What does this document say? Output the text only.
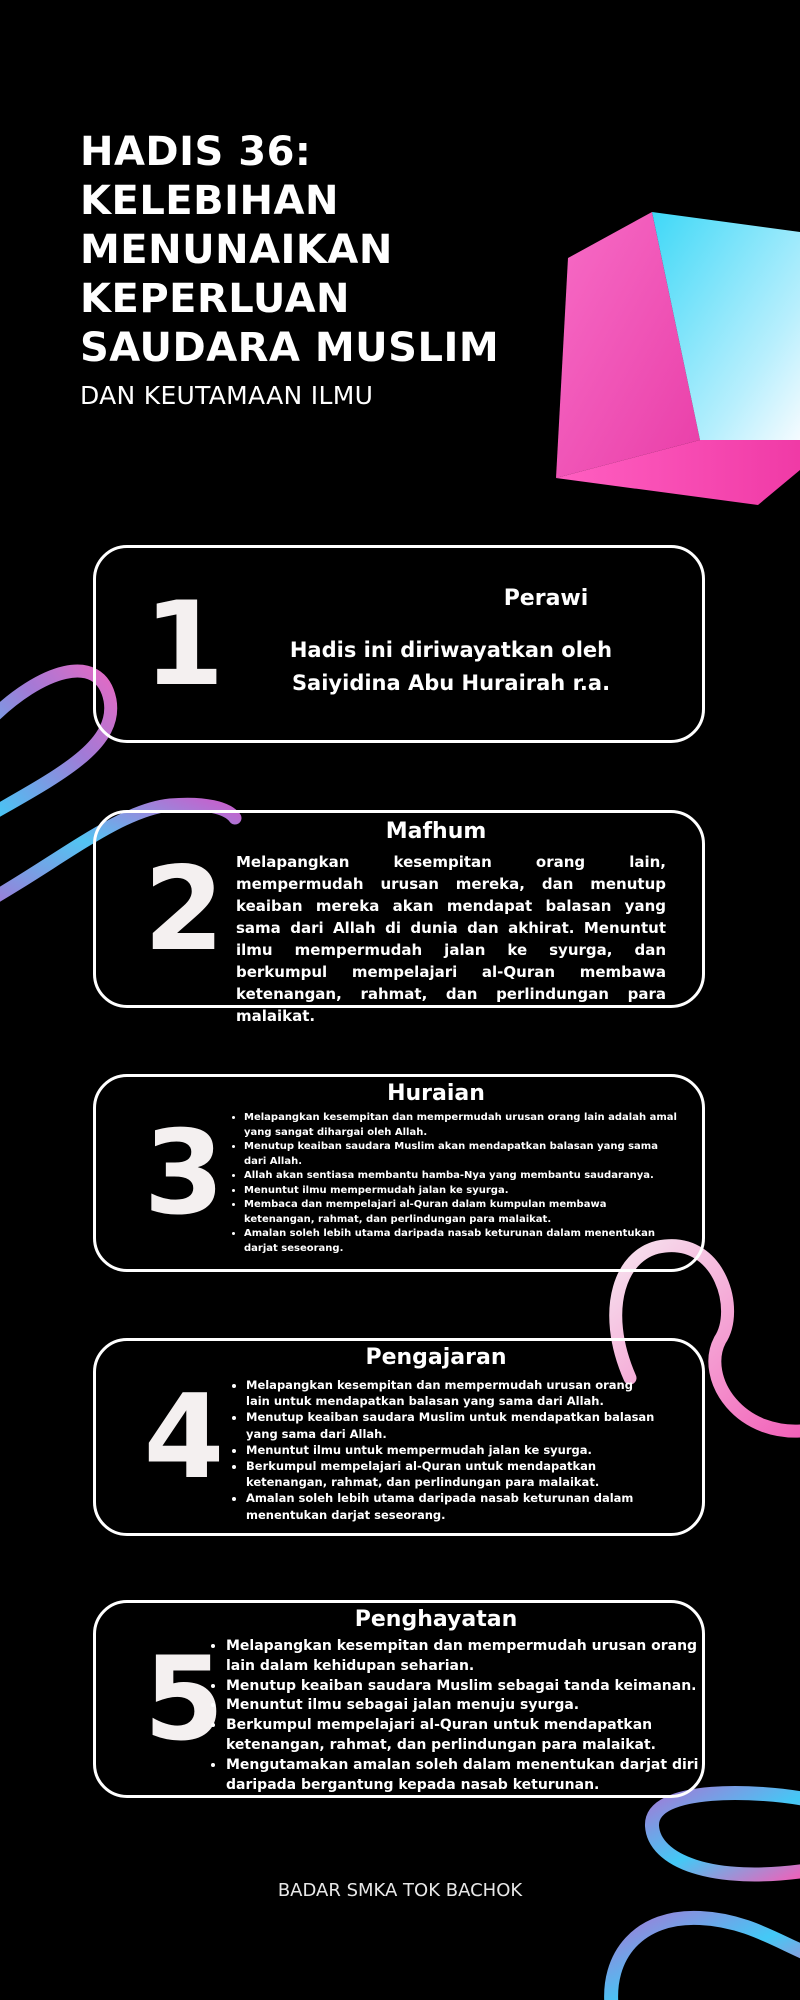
HADIS 36: KELEBIHAN MENUNAIKAN KEPERLUAN SAUDARA MUSLIM
DAN KEUTAMAAN ILMU
1	Perawi
Hadis ini diriwayatkan oleh Saiyidina Abu Hurairah r.a.
2
Mafhum
Melapangkan kesempitan orang lain, mempermudah urusan mereka, dan menutup keaiban mereka akan mendapat balasan yang sama dari Allah di dunia dan akhirat. Menuntut ilmu mempermudah jalan ke syurga, dan berkumpul mempelajari al-Quran membawa ketenangan, rahmat, dan perlindungan para malaikat.
3
Huraian
• Melapangkan kesempitan dan mempermudah urusan orang lain adalah amal yang sangat dihargai oleh Allah.
• Menutup keaiban saudara Muslim akan mendapatkan balasan yang sama dari Allah.
• Allah akan sentiasa membantu hamba-Nya yang membantu saudaranya.
• Menuntut ilmu mempermudah jalan ke syurga.
• Membaca dan mempelajari al-Quran dalam kumpulan membawa ketenangan, rahmat, dan perlindungan para malaikat.
• Amalan soleh lebih utama daripada nasab keturunan dalam menentukan darjat seseorang.
4
Pengajaran
• Melapangkan kesempitan dan mempermudah urusan orang lain untuk mendapatkan balasan yang sama dari Allah.
• Menutup keaiban saudara Muslim untuk mendapatkan balasan yang sama dari Allah.
• Menuntut ilmu untuk mempermudah jalan ke syurga.
• Berkumpul mempelajari al-Quran untuk mendapatkan ketenangan, rahmat, dan perlindungan para malaikat.
• Amalan soleh lebih utama daripada nasab keturunan dalam menentukan darjat seseorang.
5
Penghayatan
• Melapangkan kesempitan dan mempermudah urusan orang lain dalam kehidupan seharian.
• Menutup keaiban saudara Muslim sebagai tanda keimanan.
• Menuntut ilmu sebagai jalan menuju syurga.
• Berkumpul mempelajari al-Quran untuk mendapatkan ketenangan, rahmat, dan perlindungan para malaikat.
• Mengutamakan amalan soleh dalam menentukan darjat diri daripada bergantung kepada nasab keturunan.
BADAR SMKA TOK BACHOK
